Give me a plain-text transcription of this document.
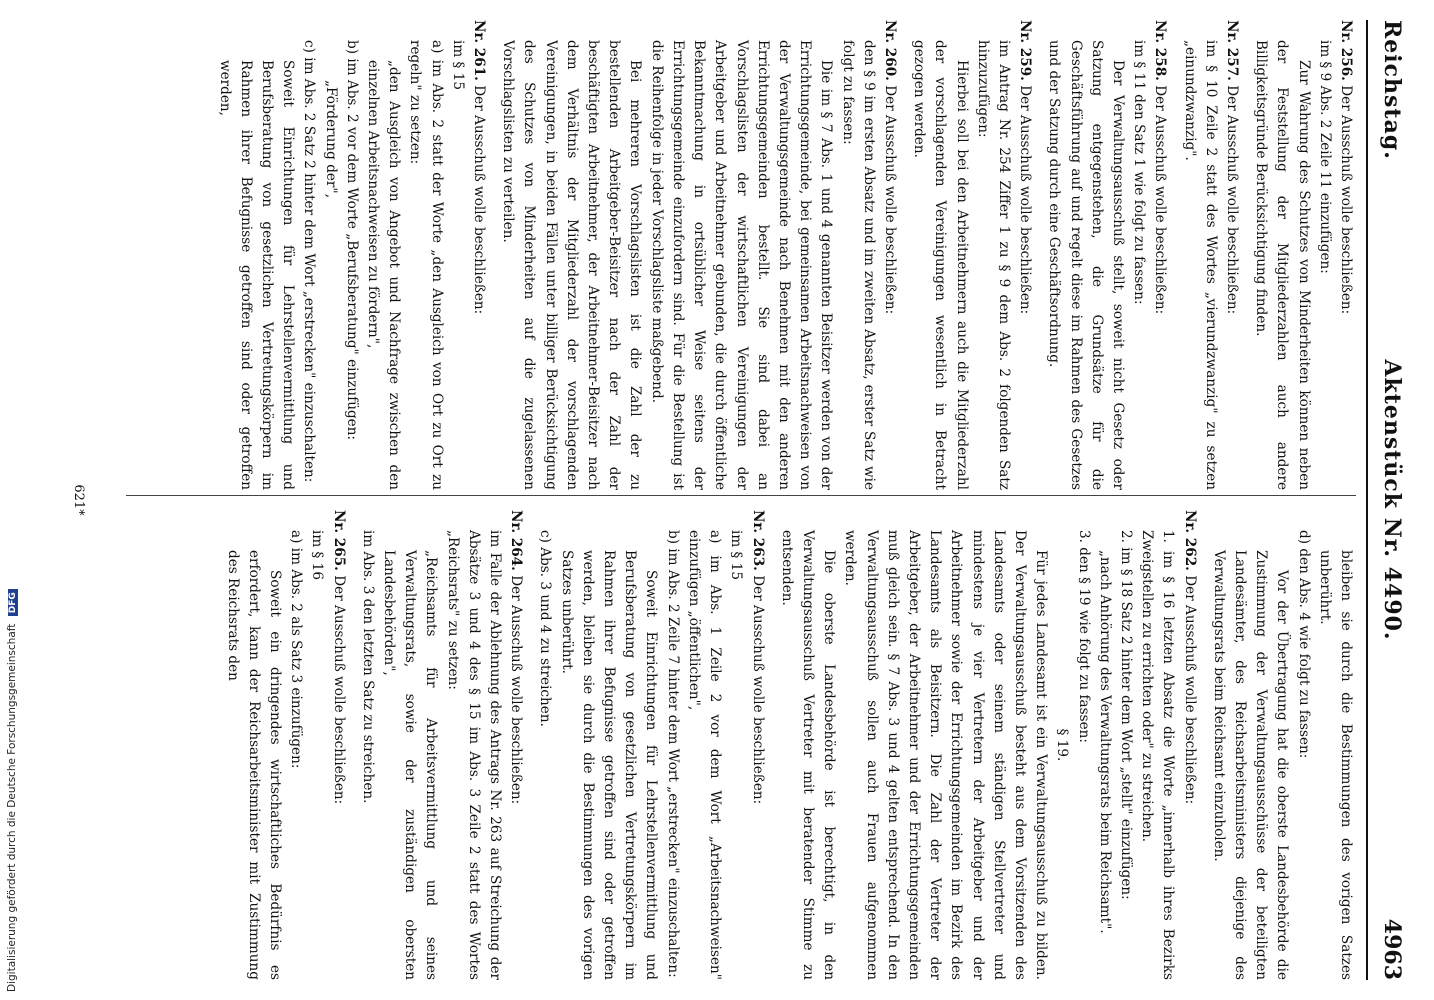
Reichstag.
Aktenstück Nr. 4490.
4963

Nr. 256. Der Ausschuß wolle beschließen:

im § 9 Abs. 2 Zeile 11 einzufügen:

Zur Wahrung des Schutzes von Minderheiten können neben der Feststellung der Mitgliederzahlen auch andere Billigkeitsgründe Berücksichtigung finden.

Nr. 257. Der Ausschuß wolle beschließen:

im § 10 Zeile 2 statt des Wortes „vierundzwanzig" zu setzen „einundzwanzig".

Nr. 258. Der Ausschuß wolle beschließen:

im § 11 den Satz 1 wie folgt zu fassen:

Der Verwaltungsausschuß stellt, soweit nicht Gesetz oder Satzung entgegenstehen, die Grundsätze für die Geschäftsführung auf und regelt diese im Rahmen des Gesetzes und der Satzung durch eine Geschäftsordnung.

Nr. 259. Der Ausschuß wolle beschließen:

im Antrag Nr. 254 Ziffer 1 zu § 9 dem Abs. 2 folgenden Satz hinzuzufügen:

Hierbei soll bei den Arbeitnehmern auch die Mitgliederzahl der vorschlagenden Vereinigungen wesentlich in Betracht gezogen werden.

Nr. 260. Der Ausschuß wolle beschließen:

den § 9 im ersten Absatz und im zweiten Absatz, erster Satz wie folgt zu fassen:

Die im § 7 Abs. 1 und 4 genannten Beisitzer werden von der Errichtungsgemeinde, bei gemeinsamen Arbeitsnachweisen von der Verwaltungsgemeinde nach Benehmen mit den anderen Errichtungsgemeinden bestellt. Sie sind dabei an Vorschlagslisten der wirtschaftlichen Vereinigungen der Arbeitgeber und Arbeitnehmer gebunden, die durch öffentliche Bekanntmachung in ortsüblicher Weise seitens der Errichtungsgemeinde einzufordern sind. Für die Bestellung ist die Reihenfolge in jeder Vorschlagsliste maßgebend.

Bei mehreren Vorschlagslisten ist die Zahl der zu bestellenden Arbeitgeber-Beisitzer nach der Zahl der beschäftigten Arbeitnehmer, der Arbeitnehmer-Beisitzer nach dem Verhältnis der Mitgliederzahl der vorschlagenden Vereinigungen, in beiden Fällen unter billiger Berücksichtigung des Schutzes von Minderheiten auf die zugelassenen Vorschlagslisten zu verteilen.

Nr. 261. Der Ausschuß wolle beschließen:

im § 15

a) im Abs. 2 statt der Worte „den Ausgleich von Ort zu Ort zu regeln" zu setzen:

„den Ausgleich von Angebot und Nachfrage zwischen den einzelnen Arbeitsnachweisen zu fördern",

b) im Abs. 2 vor dem Worte „Berufsberatung" einzufügen:

„Förderung der",

c) im Abs. 2 Satz 2 hinter dem Wort „erstrecken" einzuschalten:

Soweit Einrichtungen für Lehrstellenvermittlung und Berufsberatung von gesetzlichen Vertretungskörpern im Rahmen ihrer Befugnisse getroffen sind oder getroffen werden,

bleiben sie durch die Bestimmungen des vorigen Satzes unberührt.

d) den Abs. 4 wie folgt zu fassen:

Vor der Übertragung hat die oberste Landesbehörde die Zustimmung der Verwaltungsausschüsse der beteiligten Landesämter, des Reichsarbeitsministers diejenige des Verwaltungsrats beim Reichsamt einzuholen.

Nr. 262. Der Ausschuß wolle beschließen:

1. im § 16 letzten Absatz die Worte „innerhalb ihres Bezirks Zweigstellen zu errichten oder" zu streichen.

2. im § 18 Satz 2 hinter dem Wort „stellt" einzufügen:

„nach Anhörung des Verwaltungsrats beim Reichsamt".

3. den § 19 wie folgt zu fassen:

§ 19.

Für jedes Landesamt ist ein Verwaltungsausschuß zu bilden. Der Verwaltungsausschuß besteht aus dem Vorsitzenden des Landesamts oder seinem ständigen Stellvertreter und mindestens je vier Vertretern der Arbeitgeber und der Arbeitnehmer sowie der Errichtungsgemeinden im Bezirk des Landesamts als Beisitzern. Die Zahl der Vertreter der Arbeitgeber, der Arbeitnehmer und der Errichtungsgemeinden muß gleich sein. § 7 Abs. 3 und 4 gelten entsprechend. In den Verwaltungsausschuß sollen auch Frauen aufgenommen werden.

Die oberste Landesbehörde ist berechtigt, in den Verwaltungsausschuß Vertreter mit beratender Stimme zu entsenden.

Nr. 263. Der Ausschuß wolle beschließen:

im § 15

a) im Abs. 1 Zeile 2 vor dem Wort „Arbeitsnachweisen" einzufügen „öffentlichen",

b) im Abs. 2 Zeile 7 hinter dem Wort „erstrecken" einzuschalten:

Soweit Einrichtungen für Lehrstellenvermittlung und Berufsberatung von gesetzlichen Vertretungskörpern im Rahmen ihrer Befugnisse getroffen sind oder getroffen werden, bleiben sie durch die Bestimmungen des vorigen Satzes unberührt.

c) Abs. 3 und 4 zu streichen.

Nr. 264. Der Ausschuß wolle beschließen:

im Falle der Ablehnung des Antrags Nr. 263 auf Streichung der Absätze 3 und 4 des § 15 im Abs. 3 Zeile 2 statt des Wortes „Reichsrats" zu setzen:

„Reichsamts für Arbeitsvermittlung und seines Verwaltungsrats, sowie der zuständigen obersten Landesbehörden",

im Abs. 3 den letzten Satz zu streichen.

Nr. 265. Der Ausschuß wolle beschließen:

im § 16

a) im Abs. 2 als Satz 3 einzufügen:

Soweit ein dringendes wirtschaftliches Bedürfnis es erfordert, kann der Reichsarbeitsminister mit Zustimmung des Reichsrats den

621*
Digitalisierung gefördert durch die Deutsche Forschungsgemeinschaft DFG
